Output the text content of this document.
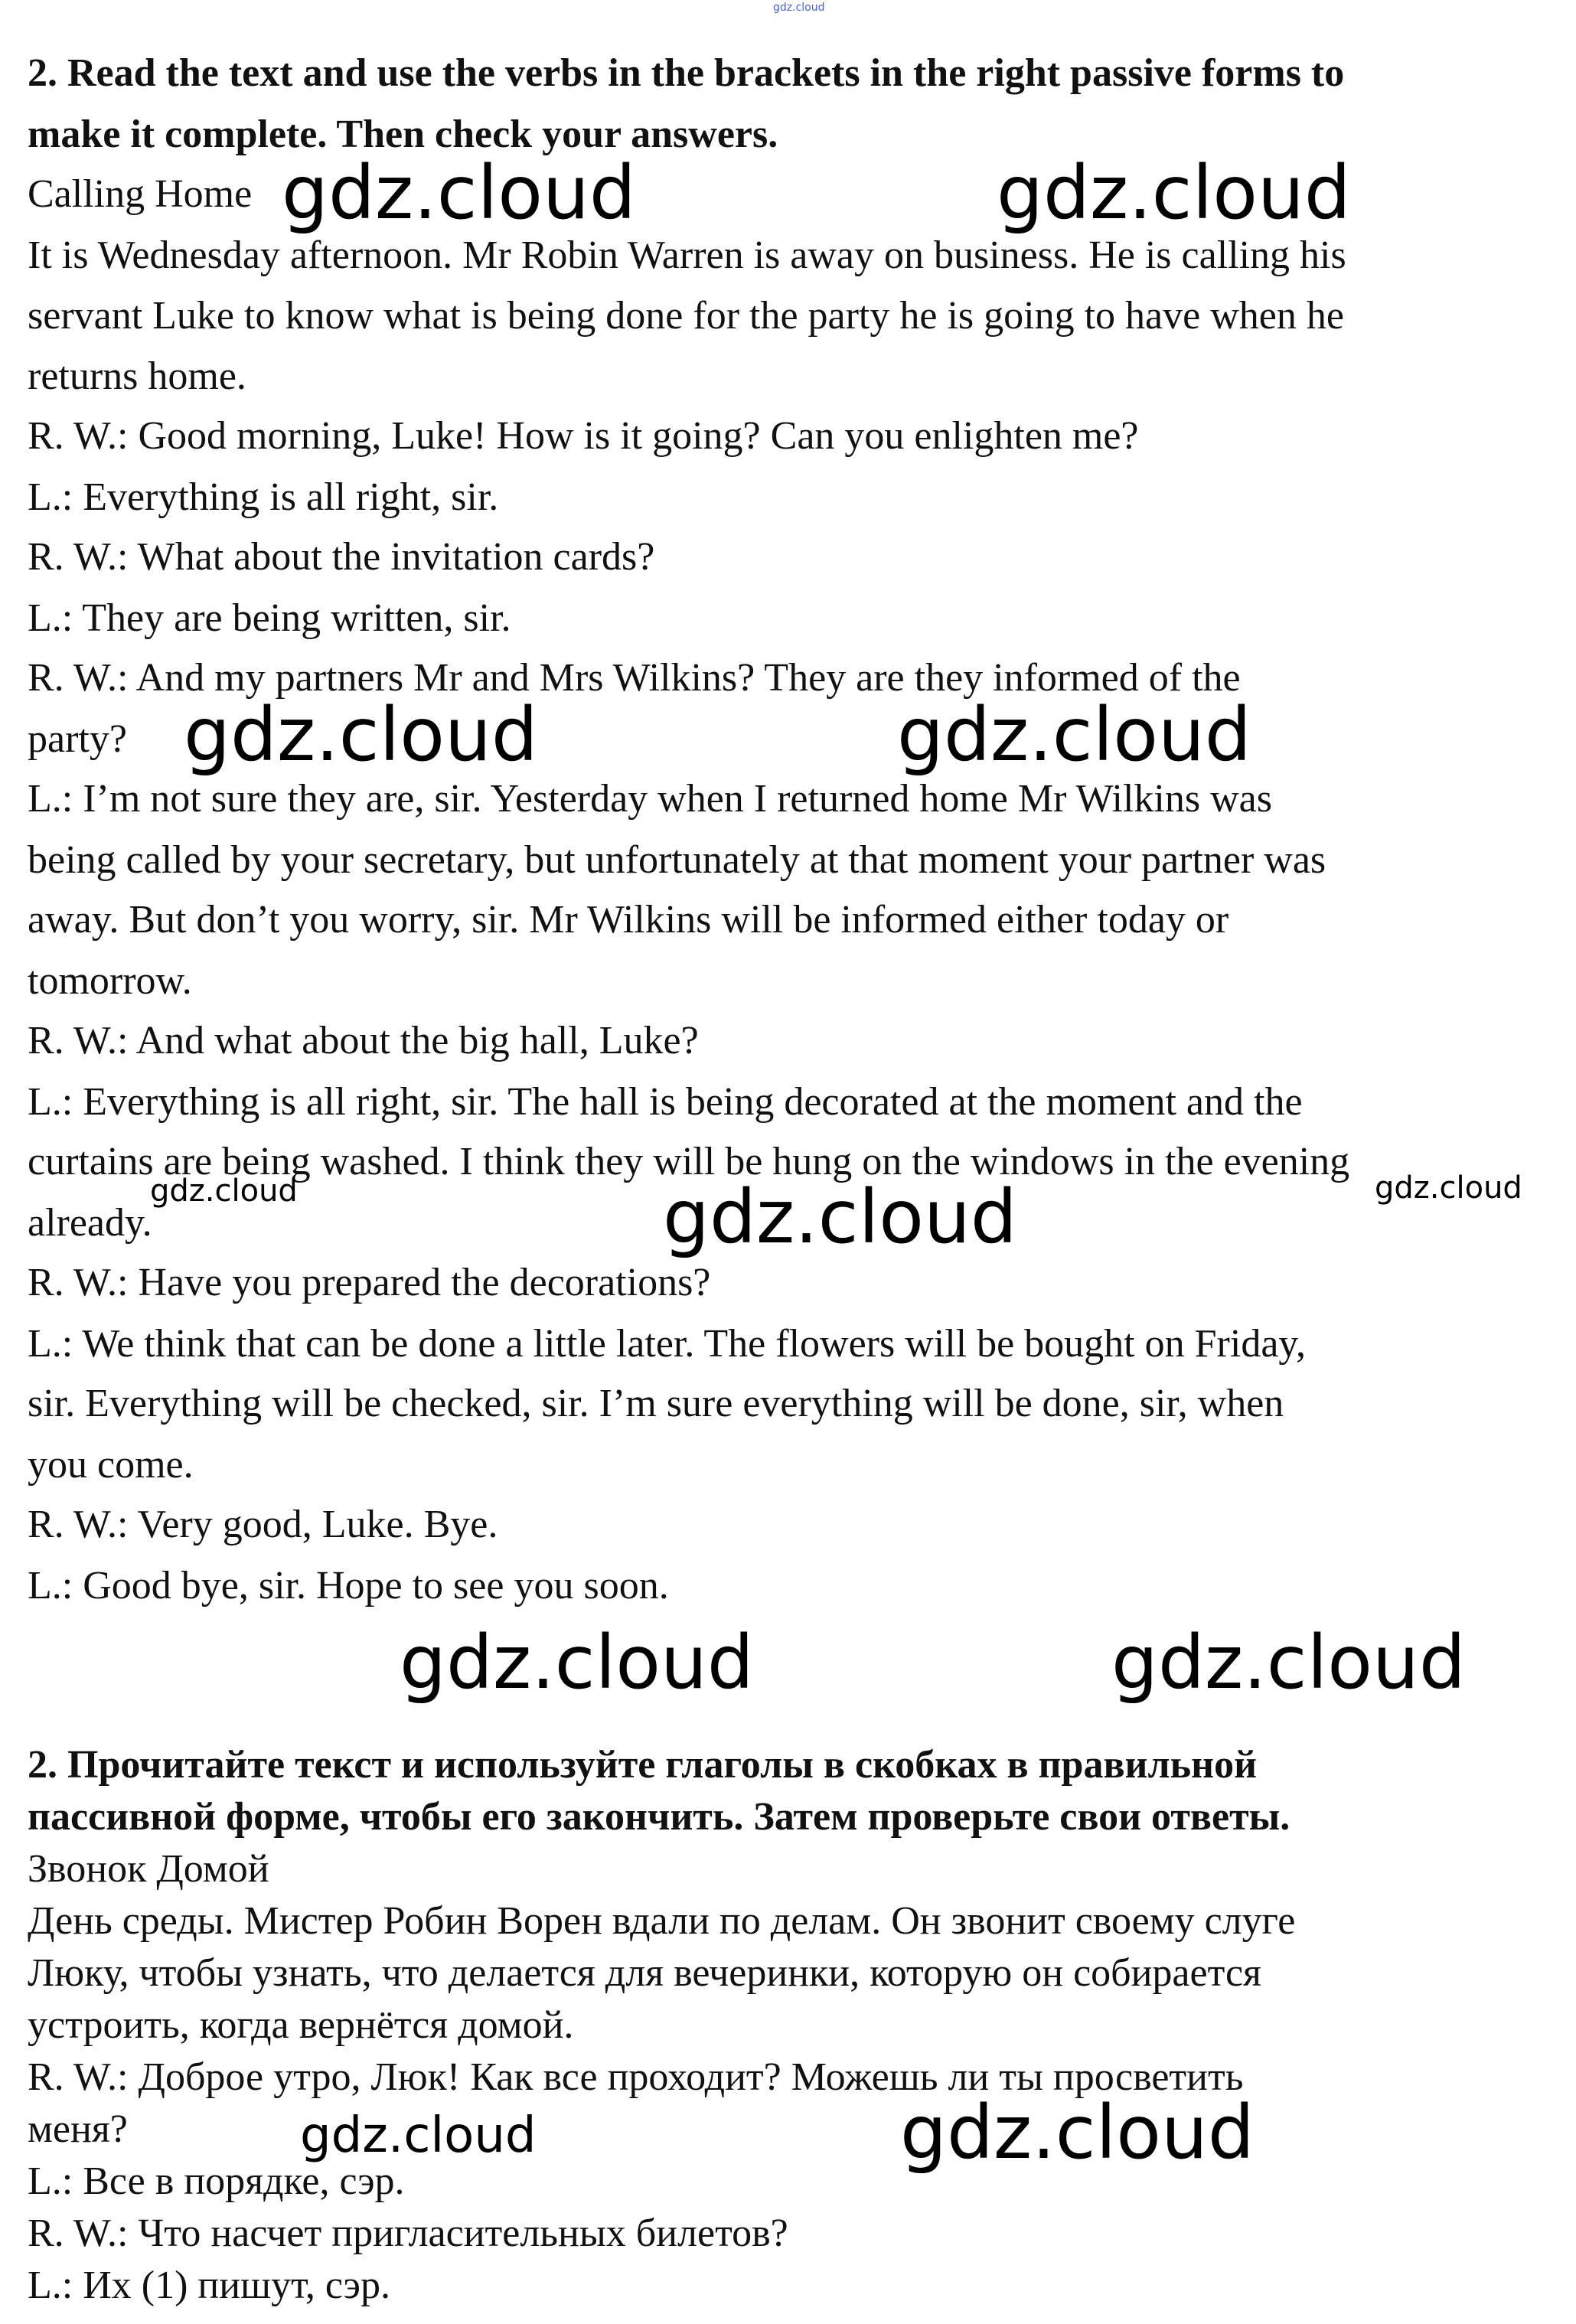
gdz.cloud
2. Read the text and use the verbs in the brackets in the right passive forms to
make it complete. Then check your answers.
Calling Home
It is Wednesday afternoon. Mr Robin Warren is away on business. He is calling his
servant Luke to know what is being done for the party he is going to have when he
returns home.
R. W.: Good morning, Luke! How is it going? Can you enlighten me?
L.: Everything is all right, sir.
R. W.: What about the invitation cards?
L.: They are being written, sir.
R. W.: And my partners Mr and Mrs Wilkins? They are they informed of the
party?
L.: I’m not sure they are, sir. Yesterday when I returned home Mr Wilkins was
being called by your secretary, but unfortunately at that moment your partner was
away. But don’t you worry, sir. Mr Wilkins will be informed either today or
tomorrow.
R. W.: And what about the big hall, Luke?
L.: Everything is all right, sir. The hall is being decorated at the moment and the
curtains are being washed. I think they will be hung on the windows in the evening
already.
R. W.: Have you prepared the decorations?
L.: We think that can be done a little later. The flowers will be bought on Friday,
sir. Everything will be checked, sir. I’m sure everything will be done, sir, when
you come.
R. W.: Very good, Luke. Bye.
L.: Good bye, sir. Hope to see you soon.
2. Прочитайте текст и используйте глаголы в скобках в правильной
пассивной форме, чтобы его закончить. Затем проверьте свои ответы.
Звонок Домой
День среды. Мистер Робин Ворен вдали по делам. Он звонит своему слуге
Люку, чтобы узнать, что делается для вечеринки, которую он собирается
устроить, когда вернётся домой.
R. W.: Доброе утро, Люк! Как все проходит? Можешь ли ты просветить
меня?
L.: Все в порядке, сэр.
R. W.: Что насчет пригласительных билетов?
L.: Их (1) пишут, сэр.
gdz.cloud	gdz.cloud
gdz.cloud	gdz.cloud
gdz.cloud	gdz.cloud
gdz.cloud
gdz.cloud	gdz.cloud
gdz.cloud	gdz.cloud
